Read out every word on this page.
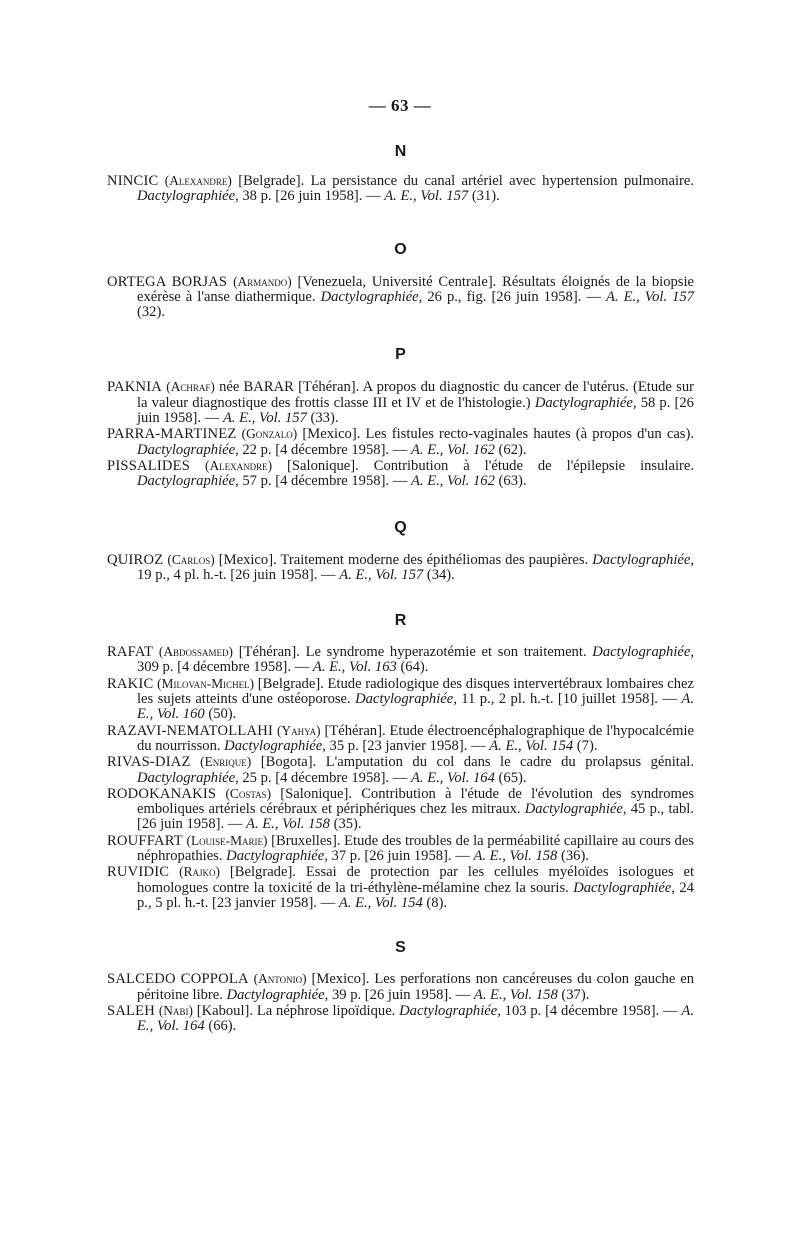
— 63 —
N

NINCIC (Alexandre) [Belgrade]. La persistance du canal artériel avec hypertension pulmonaire. Dactylographiée, 38 p. [26 juin 1958]. — A. E., Vol. 157 (31).

O

ORTEGA BORJAS (Armando) [Venezuela, Université Centrale]. Résultats éloignés de la biopsie exérèse à l'anse diathermique. Dactylographiée, 26 p., fig. [26 juin 1958]. — A. E., Vol. 157 (32).

P

PAKNIA (Achraf) née BARAR [Téhéran]. A propos du diagnostic du cancer de l'utérus. (Etude sur la valeur diagnostique des frottis classe III et IV et de l'histologie.) Dactylographiée, 58 p. [26 juin 1958]. — A. E., Vol. 157 (33).

PARRA-MARTINEZ (Gonzalo) [Mexico]. Les fistules recto-vaginales hautes (à propos d'un cas). Dactylographiée, 22 p. [4 décembre 1958]. — A. E., Vol. 162 (62).

PISSALIDES (Alexandre) [Salonique]. Contribution à l'étude de l'épilepsie insulaire. Dactylographiée, 57 p. [4 décembre 1958]. — A. E., Vol. 162 (63).

Q

QUIROZ (Carlos) [Mexico]. Traitement moderne des épithéliomas des paupières. Dactylographiée, 19 p., 4 pl. h.-t. [26 juin 1958]. — A. E., Vol. 157 (34).

R

RAFAT (Abdossamed) [Téhéran]. Le syndrome hyperazotémie et son traitement. Dactylographiée, 309 p. [4 décembre 1958]. — A. E., Vol. 163 (64).

RAKIC (Milovan-Michel) [Belgrade]. Etude radiologique des disques intervertébraux lombaires chez les sujets atteints d'une ostéoporose. Dactylographiée, 11 p., 2 pl. h.-t. [10 juillet 1958]. — A. E., Vol. 160 (50).

RAZAVI-NEMATOLLAHI (Yahya) [Téhéran]. Etude électroencéphalographique de l'hypocalcémie du nourrisson. Dactylographiée, 35 p. [23 janvier 1958]. — A. E., Vol. 154 (7).

RIVAS-DIAZ (Enrique) [Bogota]. L'amputation du col dans le cadre du prolapsus génital. Dactylographiée, 25 p. [4 décembre 1958]. — A. E., Vol. 164 (65).

RODOKANAKIS (Costas) [Salonique]. Contribution à l'étude de l'évolution des syndromes emboliques artériels cérébraux et périphériques chez les mitraux. Dactylographiée, 45 p., tabl. [26 juin 1958]. — A. E., Vol. 158 (35).

ROUFFART (Louise-Marie) [Bruxelles]. Etude des troubles de la perméabilité capillaire au cours des néphropathies. Dactylographiée, 37 p. [26 juin 1958]. — A. E., Vol. 158 (36).

RUVIDIC (Rajko) [Belgrade]. Essai de protection par les cellules myéloïdes isologues et homologues contre la toxicité de la tri-éthylène-mélamine chez la souris. Dactylographiée, 24 p., 5 pl. h.-t. [23 janvier 1958]. — A. E., Vol. 154 (8).

S

SALCEDO COPPOLA (Antonio) [Mexico]. Les perforations non cancéreuses du colon gauche en péritoine libre. Dactylographiée, 39 p. [26 juin 1958]. — A. E., Vol. 158 (37).

SALEH (Nabi) [Kaboul]. La néphrose lipoïdique. Dactylographiée, 103 p. [4 décembre 1958]. — A. E., Vol. 164 (66).
